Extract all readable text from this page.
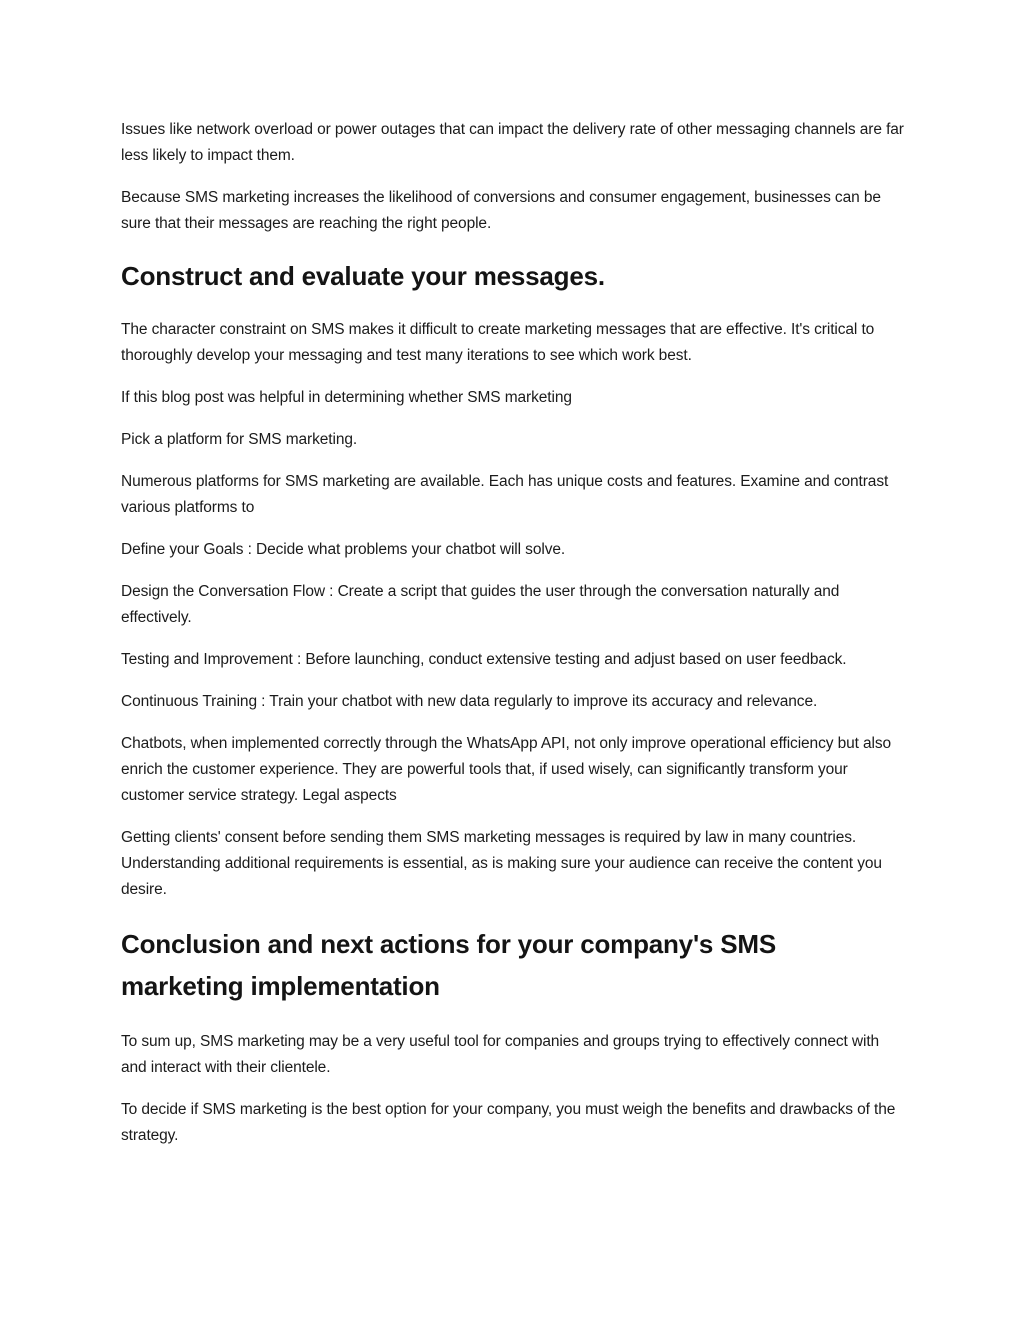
Issues like network overload or power outages that can impact the delivery rate of other messaging channels are far less likely to impact them.

Because SMS marketing increases the likelihood of conversions and consumer engagement, businesses can be sure that their messages are reaching the right people.

Construct and evaluate your messages.

The character constraint on SMS makes it difficult to create marketing messages that are effective. It's critical to thoroughly develop your messaging and test many iterations to see which work best.

If this blog post was helpful in determining whether SMS marketing

Pick a platform for SMS marketing.

Numerous platforms for SMS marketing are available. Each has unique costs and features. Examine and contrast various platforms to

Define your Goals : Decide what problems your chatbot will solve.

Design the Conversation Flow : Create a script that guides the user through the conversation naturally and effectively.

Testing and Improvement : Before launching, conduct extensive testing and adjust based on user feedback.

Continuous Training : Train your chatbot with new data regularly to improve its accuracy and relevance.

Chatbots, when implemented correctly through the WhatsApp API, not only improve operational efficiency but also enrich the customer experience. They are powerful tools that, if used wisely, can significantly transform your customer service strategy. Legal aspects

Getting clients' consent before sending them SMS marketing messages is required by law in many countries. Understanding additional requirements is essential, as is making sure your audience can receive the content you desire.

Conclusion and next actions for your company's SMS marketing implementation

To sum up, SMS marketing may be a very useful tool for companies and groups trying to effectively connect with and interact with their clientele.

To decide if SMS marketing is the best option for your company, you must weigh the benefits and drawbacks of the strategy.
